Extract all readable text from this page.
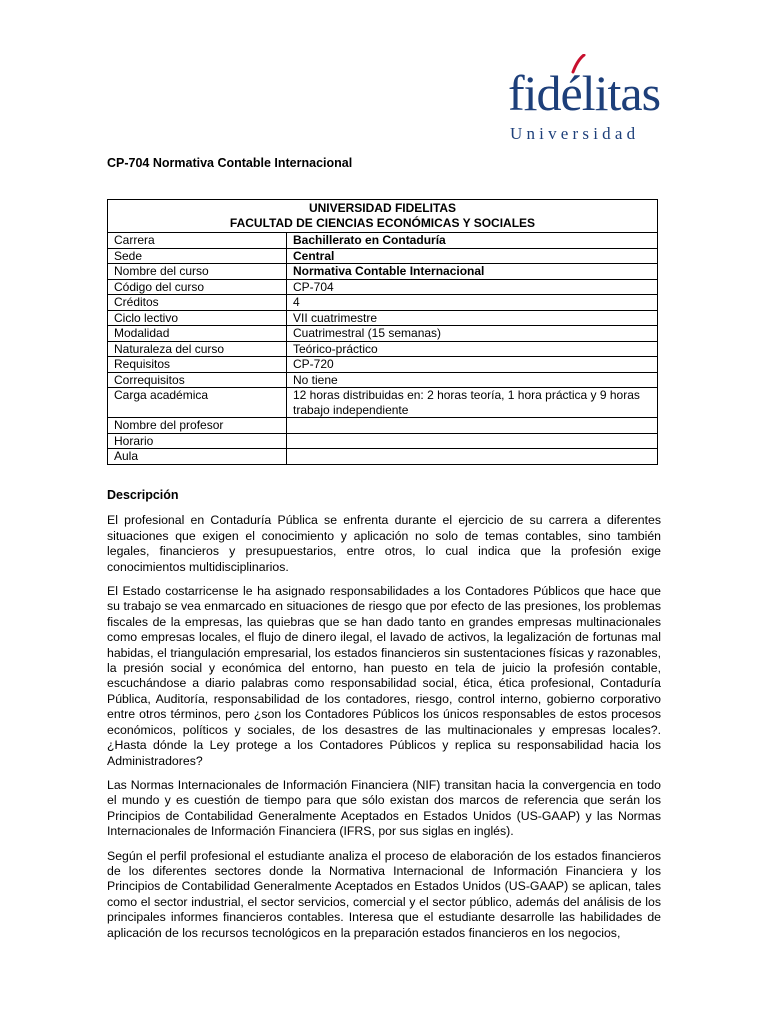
fidélitas
Universidad
CP-704 Normativa Contable Internacional
UNIVERSIDAD FIDELITAS
FACULTAD DE CIENCIAS ECONÓMICAS Y SOCIALES	

Carrera	Bachillerato en Contaduría
Sede	Central
Nombre del curso	Normativa Contable Internacional
Código del curso	CP-704
Créditos	4
Ciclo lectivo	VII cuatrimestre
Modalidad	Cuatrimestral (15 semanas)
Naturaleza del curso	Teórico-práctico
Requisitos	CP-720
Correquisitos	No tiene
Carga académica	12 horas distribuidas en: 2 horas teoría, 1 hora práctica y 9 horas trabajo independiente
Nombre del profesor	
Horario	
Aula	
Descripción

El profesional en Contaduría Pública se enfrenta durante el ejercicio de su carrera a diferentes situaciones que exigen el conocimiento y aplicación no solo de temas contables, sino también legales, financieros y presupuestarios, entre otros, lo cual indica que la profesión exige conocimientos multidisciplinarios.

El Estado costarricense le ha asignado responsabilidades a los Contadores Públicos que hace que su trabajo se vea enmarcado en situaciones de riesgo que por efecto de las presiones, los problemas fiscales de la empresas, las quiebras que se han dado tanto en grandes empresas multinacionales como empresas locales, el flujo de dinero ilegal, el lavado de activos, la legalización de fortunas mal habidas, el triangulación empresarial, los estados financieros sin sustentaciones físicas y razonables, la presión social y económica del entorno, han puesto en tela de juicio la profesión contable, escuchándose a diario palabras como responsabilidad social, ética, ética profesional, Contaduría Pública, Auditoría, responsabilidad de los contadores, riesgo, control interno, gobierno corporativo entre otros términos, pero ¿son los Contadores Públicos los únicos responsables de estos procesos económicos, políticos y sociales, de los desastres de las multinacionales y empresas locales?. ¿Hasta dónde la Ley protege a los Contadores Públicos y replica su responsabilidad hacia los Administradores?

Las Normas Internacionales de Información Financiera (NIF) transitan hacia la convergencia en todo el mundo y es cuestión de tiempo para que sólo existan dos marcos de referencia que serán los Principios de Contabilidad Generalmente Aceptados en Estados Unidos (US-GAAP) y las Normas Internacionales de Información Financiera (IFRS, por sus siglas en inglés).

Según el perfil profesional el estudiante analiza el proceso de elaboración de los estados financieros de los diferentes sectores donde la Normativa Internacional de Información Financiera y los Principios de Contabilidad Generalmente Aceptados en Estados Unidos (US-GAAP) se aplican, tales como el sector industrial, el sector servicios, comercial y el sector público, además del análisis de los principales informes financieros contables. Interesa que el estudiante desarrolle las habilidades de aplicación de los recursos tecnológicos en la preparación estados financieros en los negocios,
